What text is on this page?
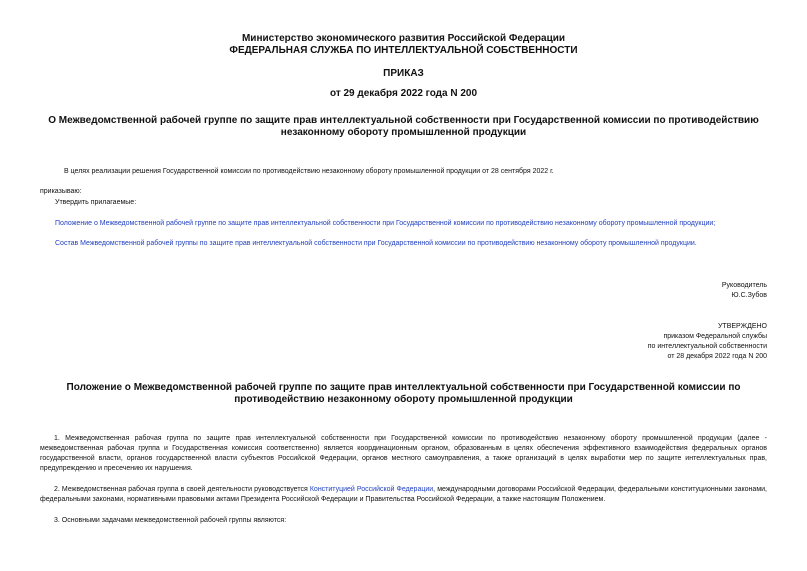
Министерство экономического развития Российской Федерации
ФЕДЕРАЛЬНАЯ СЛУЖБА ПО ИНТЕЛЛЕКТУАЛЬНОЙ СОБСТВЕННОСТИ
ПРИКАЗ
от 29 декабря 2022 года N 200
О Межведомственной рабочей группе по защите прав интеллектуальной собственности при Государственной комиссии по противодействию незаконному обороту промышленной продукции
В целях реализации решения Государственной комиссии по противодействию незаконному обороту промышленной продукции от 28 сентября 2022 г.
приказываю:
Утвердить прилагаемые:
Положение о Межведомственной рабочей группе по защите прав интеллектуальной собственности при Государственной комиссии по противодействию незаконному обороту промышленной продукции;
Состав Межведомственной рабочей группы по защите прав интеллектуальной собственности при Государственной комиссии по противодействию незаконному обороту промышленной продукции.
Руководитель
Ю.С.Зубов
УТВЕРЖДЕНО
приказом Федеральной службы
по интеллектуальной собственности
от 28 декабря 2022 года N 200
Положение о Межведомственной рабочей группе по защите прав интеллектуальной собственности при Государственной комиссии по противодействию незаконному обороту промышленной продукции
1. Межведомственная рабочая группа по защите прав интеллектуальной собственности при Государственной комиссии по противодействию незаконному обороту промышленной продукции (далее - межведомственная рабочая группа и Государственная комиссия соответственно) является координационным органом, образованным в целях обеспечения эффективного взаимодействия федеральных органов государственной власти, органов государственной власти субъектов Российской Федерации, органов местного самоуправления, а также организаций в целях выработки мер по защите интеллектуальных прав, предупреждению и пресечению их нарушения.
2. Межведомственная рабочая группа в своей деятельности руководствуется Конституцией Российской Федерации, международными договорами Российской Федерации, федеральными конституционными законами, федеральными законами, нормативными правовыми актами Президента Российской Федерации и Правительства Российской Федерации, а также настоящим Положением.
3. Основными задачами межведомственной рабочей группы являются:
